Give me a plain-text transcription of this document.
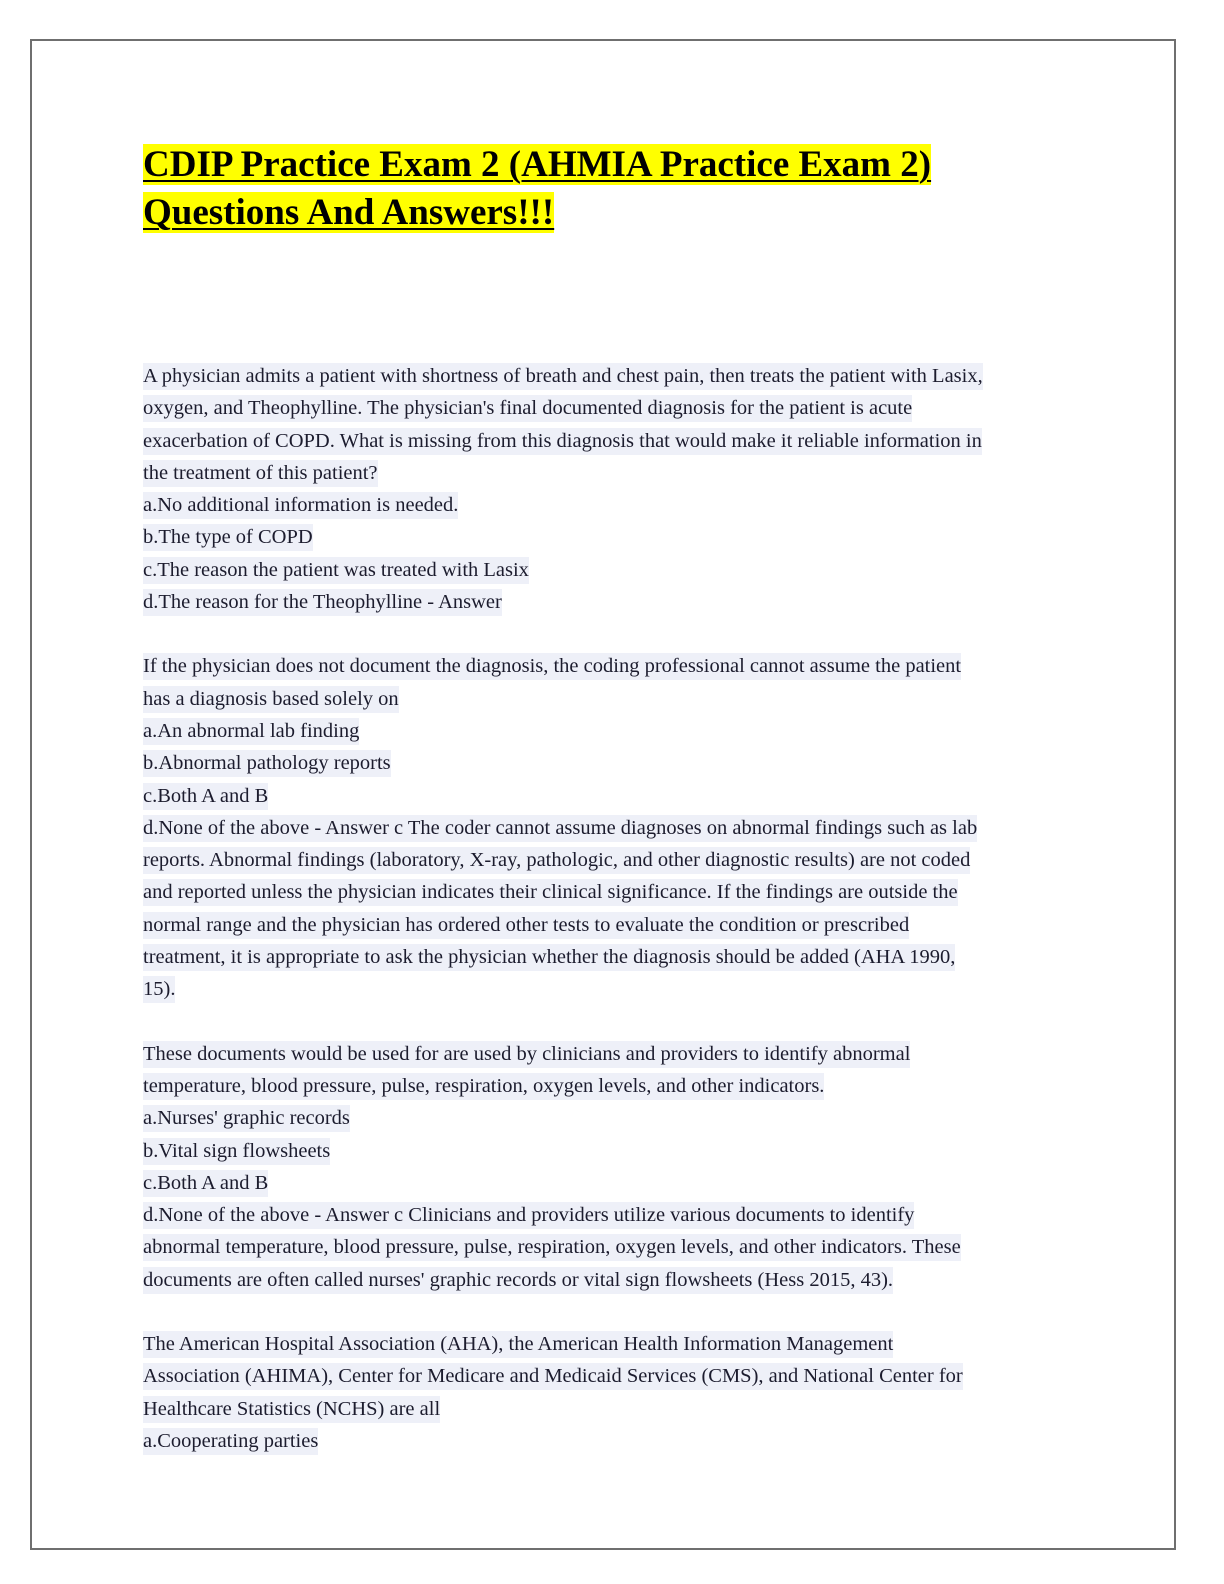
CDIP Practice Exam 2 (AHMIA Practice Exam 2)
Questions And Answers!!!
A physician admits a patient with shortness of breath and chest pain, then treats the patient with Lasix,
oxygen, and Theophylline. The physician's final documented diagnosis for the patient is acute
exacerbation of COPD. What is missing from this diagnosis that would make it reliable information in
the treatment of this patient?
a.No additional information is needed.
b.The type of COPD
c.The reason the patient was treated with Lasix
d.The reason for the Theophylline - Answer
If the physician does not document the diagnosis, the coding professional cannot assume the patient
has a diagnosis based solely on
a.An abnormal lab finding
b.Abnormal pathology reports
c.Both A and B
d.None of the above - Answer c The coder cannot assume diagnoses on abnormal findings such as lab
reports. Abnormal findings (laboratory, X-ray, pathologic, and other diagnostic results) are not coded
and reported unless the physician indicates their clinical significance. If the findings are outside the
normal range and the physician has ordered other tests to evaluate the condition or prescribed
treatment, it is appropriate to ask the physician whether the diagnosis should be added (AHA 1990,
15).
These documents would be used for are used by clinicians and providers to identify abnormal
temperature, blood pressure, pulse, respiration, oxygen levels, and other indicators.
a.Nurses' graphic records
b.Vital sign flowsheets
c.Both A and B
d.None of the above - Answer c Clinicians and providers utilize various documents to identify
abnormal temperature, blood pressure, pulse, respiration, oxygen levels, and other indicators. These
documents are often called nurses' graphic records or vital sign flowsheets (Hess 2015, 43).
The American Hospital Association (AHA), the American Health Information Management
Association (AHIMA), Center for Medicare and Medicaid Services (CMS), and National Center for
Healthcare Statistics (NCHS) are all
a.Cooperating parties
